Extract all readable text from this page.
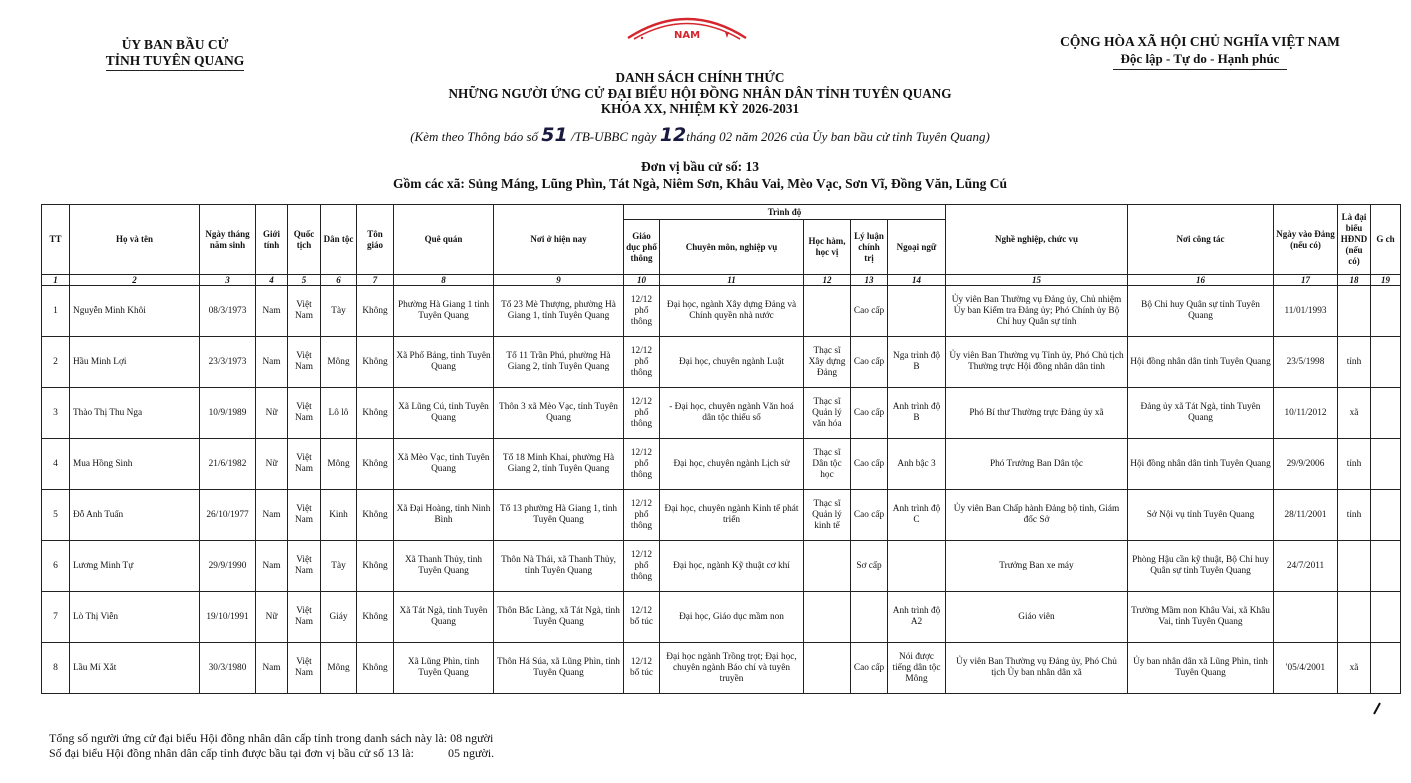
NAM
ỦY BAN BẦU CỬ
TỈNH TUYÊN QUANG
CỘNG HÒA XÃ HỘI CHỦ NGHĨA VIỆT NAM
Độc lập - Tự do - Hạnh phúc
DANH SÁCH CHÍNH THỨC
NHỮNG NGƯỜI ỨNG CỬ ĐẠI BIỂU HỘI ĐỒNG NHÂN DÂN TỈNH TUYÊN QUANG
KHÓA XX, NHIỆM KỲ 2026-2031
(Kèm theo Thông báo số 51 /TB-UBBC ngày 12tháng 02 năm 2026 của Ủy ban bầu cử tỉnh Tuyên Quang)
Đơn vị bầu cử số: 13
Gồm các xã: Sủng Máng, Lũng Phìn, Tát Ngà, Niêm Sơn, Khâu Vai, Mèo Vạc, Sơn Vĩ, Đồng Văn, Lũng Cú
TT	Họ và tên	Ngày tháng năm sinh	Giới tính	Quốc tịch	Dân tộc	Tôn giáo	Quê quán	Nơi ở hiện nay	Trình độ					Nghề nghiệp, chức vụ	Nơi công tác	Ngày vào Đảng (nếu có)	Là đại biểu HĐND (nếu có)	G ch
									Giáo dục phổ thông	Chuyên môn, nghiệp vụ	Học hàm, học vị	Lý luận chính trị	Ngoại ngữ					
1	2	3	4	5	6	7	8	9	10	11	12	13	14	15	16	17	18	19
1	Nguyễn Minh Khôi	08/3/1973	Nam	Việt Nam	Tày	Không	Phường Hà Giang 1 tỉnh Tuyên Quang	Tổ 23 Mè Thượng, phường Hà Giang 1, tỉnh Tuyên Quang	12/12 phổ thông	Đại học, ngành Xây dựng Đảng và Chính quyền nhà nước		Cao cấp		Ủy viên Ban Thường vụ Đảng ủy, Chủ nhiệm Ủy ban Kiểm tra Đảng ủy; Phó Chính ủy Bộ Chỉ huy Quân sự tỉnh	Bộ Chỉ huy Quân sự tỉnh Tuyên Quang	11/01/1993		
2	Hầu Minh Lợi	23/3/1973	Nam	Việt Nam	Mông	Không	Xã Phố Bảng, tỉnh Tuyên Quang	Tổ 11 Trần Phú, phường Hà Giang 2, tỉnh Tuyên Quang	12/12 phổ thông	Đại học, chuyên ngành Luật	Thạc sĩ Xây dựng Đảng	Cao cấp	Nga trình độ B	Ủy viên Ban Thường vụ Tỉnh ủy, Phó Chủ tịch Thường trực Hội đồng nhân dân tỉnh	Hội đồng nhân dân tỉnh Tuyên Quang	23/5/1998	tỉnh	
3	Thào Thị Thu Nga	10/9/1989	Nữ	Việt Nam	Lô lô	Không	Xã Lũng Cú, tỉnh Tuyên Quang	Thôn 3 xã Mèo Vạc, tỉnh Tuyên Quang	12/12 phổ thông	- Đại học, chuyên ngành Văn hoá dân tộc thiểu số	Thạc sĩ Quản lý văn hóa	Cao cấp	Anh trình độ B	Phó Bí thư Thường trực Đảng ủy xã	Đảng ủy xã Tát Ngà, tỉnh Tuyên Quang	10/11/2012	xã	
4	Mua Hồng Sinh	21/6/1982	Nữ	Việt Nam	Mông	Không	Xã Mèo Vạc, tỉnh Tuyên Quang	Tổ 18 Minh Khai, phường Hà Giang 2, tỉnh Tuyên Quang	12/12 phổ thông	Đại học, chuyên ngành Lịch sử	Thạc sĩ Dân tộc học	Cao cấp	Anh bậc 3	Phó Trưởng Ban Dân tộc	Hội đồng nhân dân tỉnh Tuyên Quang	29/9/2006	tỉnh	
5	Đỗ Anh Tuấn	26/10/1977	Nam	Việt Nam	Kinh	Không	Xã Đại Hoàng, tỉnh Ninh Bình	Tổ 13 phường Hà Giang 1, tỉnh Tuyên Quang	12/12 phổ thông	Đại học, chuyên ngành Kinh tế phát triển	Thạc sĩ Quản lý kinh tế	Cao cấp	Anh trình độ C	Ủy viên Ban Chấp hành Đảng bộ tỉnh, Giám đốc Sở	Sở Nội vụ tỉnh Tuyên Quang	28/11/2001	tỉnh	
6	Lương Minh Tự	29/9/1990	Nam	Việt Nam	Tày	Không	Xã Thanh Thủy, tỉnh Tuyên Quang	Thôn Nà Thái, xã Thanh Thủy, tỉnh Tuyên Quang	12/12 phổ thông	Đại học, ngành Kỹ thuật cơ khí		Sơ cấp		Trưởng Ban xe máy	Phòng Hậu cần kỹ thuật, Bộ Chỉ huy Quân sự tỉnh Tuyên Quang	24/7/2011		
7	Lò Thị Viễn	19/10/1991	Nữ	Việt Nam	Giáy	Không	Xã Tát Ngà, tỉnh Tuyên Quang	Thôn Bắc Làng, xã Tát Ngà, tỉnh Tuyên Quang	12/12 bổ túc	Đại học, Giáo dục mầm non			Anh trình độ A2	Giáo viên	Trường Mầm non Khâu Vai, xã Khâu Vai, tỉnh Tuyên Quang			
8	Lầu Mí Xắt	30/3/1980	Nam	Việt Nam	Mông	Không	Xã Lũng Phìn, tỉnh Tuyên Quang	Thôn Há Súa, xã Lũng Phìn, tỉnh Tuyên Quang	12/12 bổ túc	Đại học ngành Trồng trọt; Đại học, chuyên ngành Báo chí và tuyên truyền		Cao cấp	Nói được tiếng dân tộc Mông	Ủy viên Ban Thường vụ Đảng ủy, Phó Chủ tịch Ủy ban nhân dân xã	Ủy ban nhân dân xã Lũng Phìn, tỉnh Tuyên Quang	'05/4/2001	xã	
Tổng số người ứng cử đại biểu Hội đồng nhân dân cấp tỉnh trong danh sách này là: 08 người
Số đại biểu Hội đồng nhân dân cấp tỉnh được bầu tại đơn vị bầu cử số 13 là:	05 người.
